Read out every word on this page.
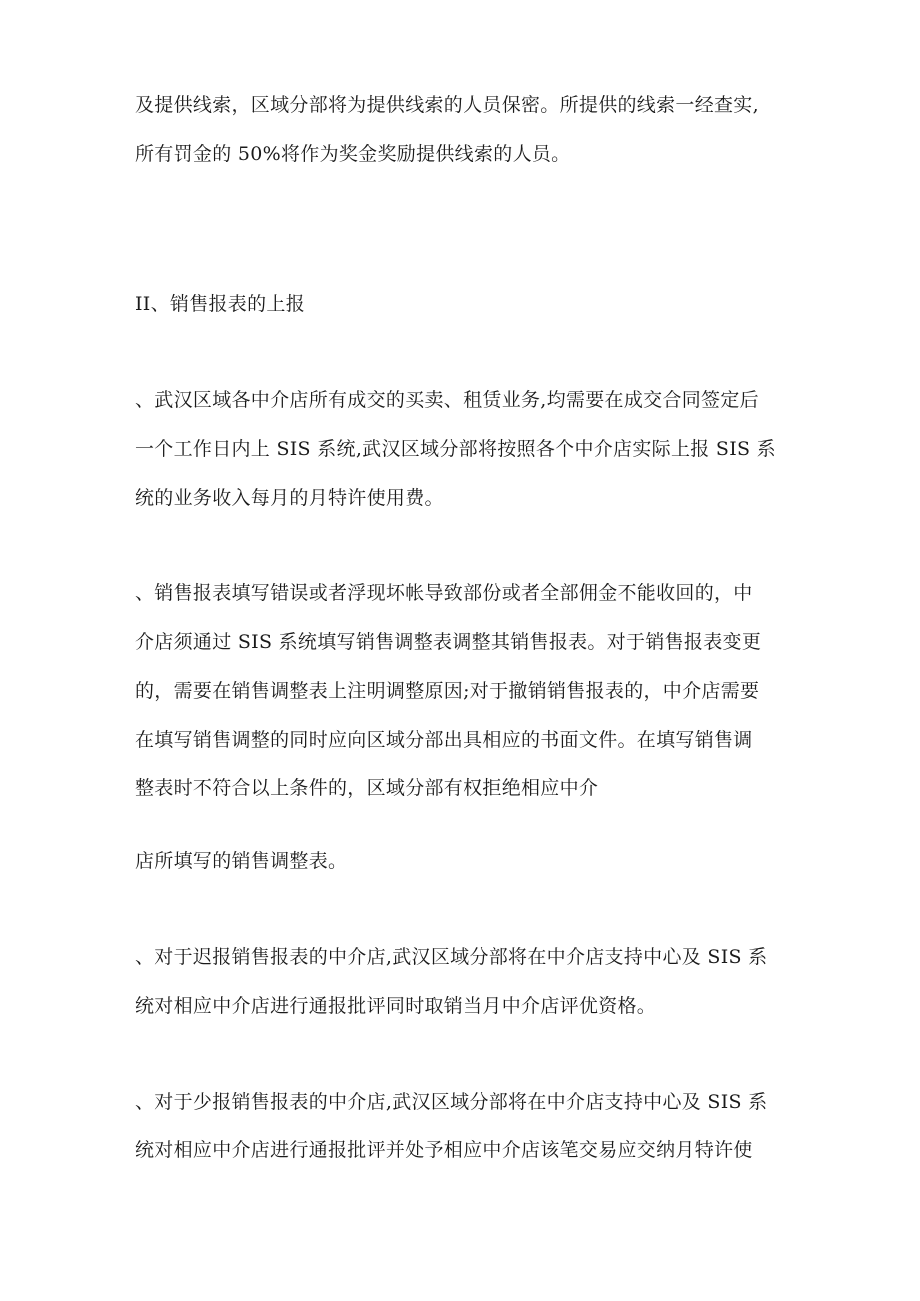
及提供线索，区域分部将为提供线索的人员保密。所提供的线索一经查实,
所有罚金的 50%将作为奖金奖励提供线索的人员。
II、销售报表的上报
、武汉区域各中介店所有成交的买卖、租赁业务,均需要在成交合同签定后
一个工作日内上 SIS 系统,武汉区域分部将按照各个中介店实际上报 SIS 系
统的业务收入每月的月特许使用费。
、销售报表填写错误或者浮现坏帐导致部份或者全部佣金不能收回的，中
介店须通过 SIS 系统填写销售调整表调整其销售报表。对于销售报表变更
的，需要在销售调整表上注明调整原因;对于撤销销售报表的，中介店需要
在填写销售调整的同时应向区域分部出具相应的书面文件。在填写销售调
整表时不符合以上条件的，区域分部有权拒绝相应中介
店所填写的销售调整表。
、对于迟报销售报表的中介店,武汉区域分部将在中介店支持中心及 SIS 系
统对相应中介店进行通报批评同时取销当月中介店评优资格。
、对于少报销售报表的中介店,武汉区域分部将在中介店支持中心及 SIS 系
统对相应中介店进行通报批评并处予相应中介店该笔交易应交纳月特许使
